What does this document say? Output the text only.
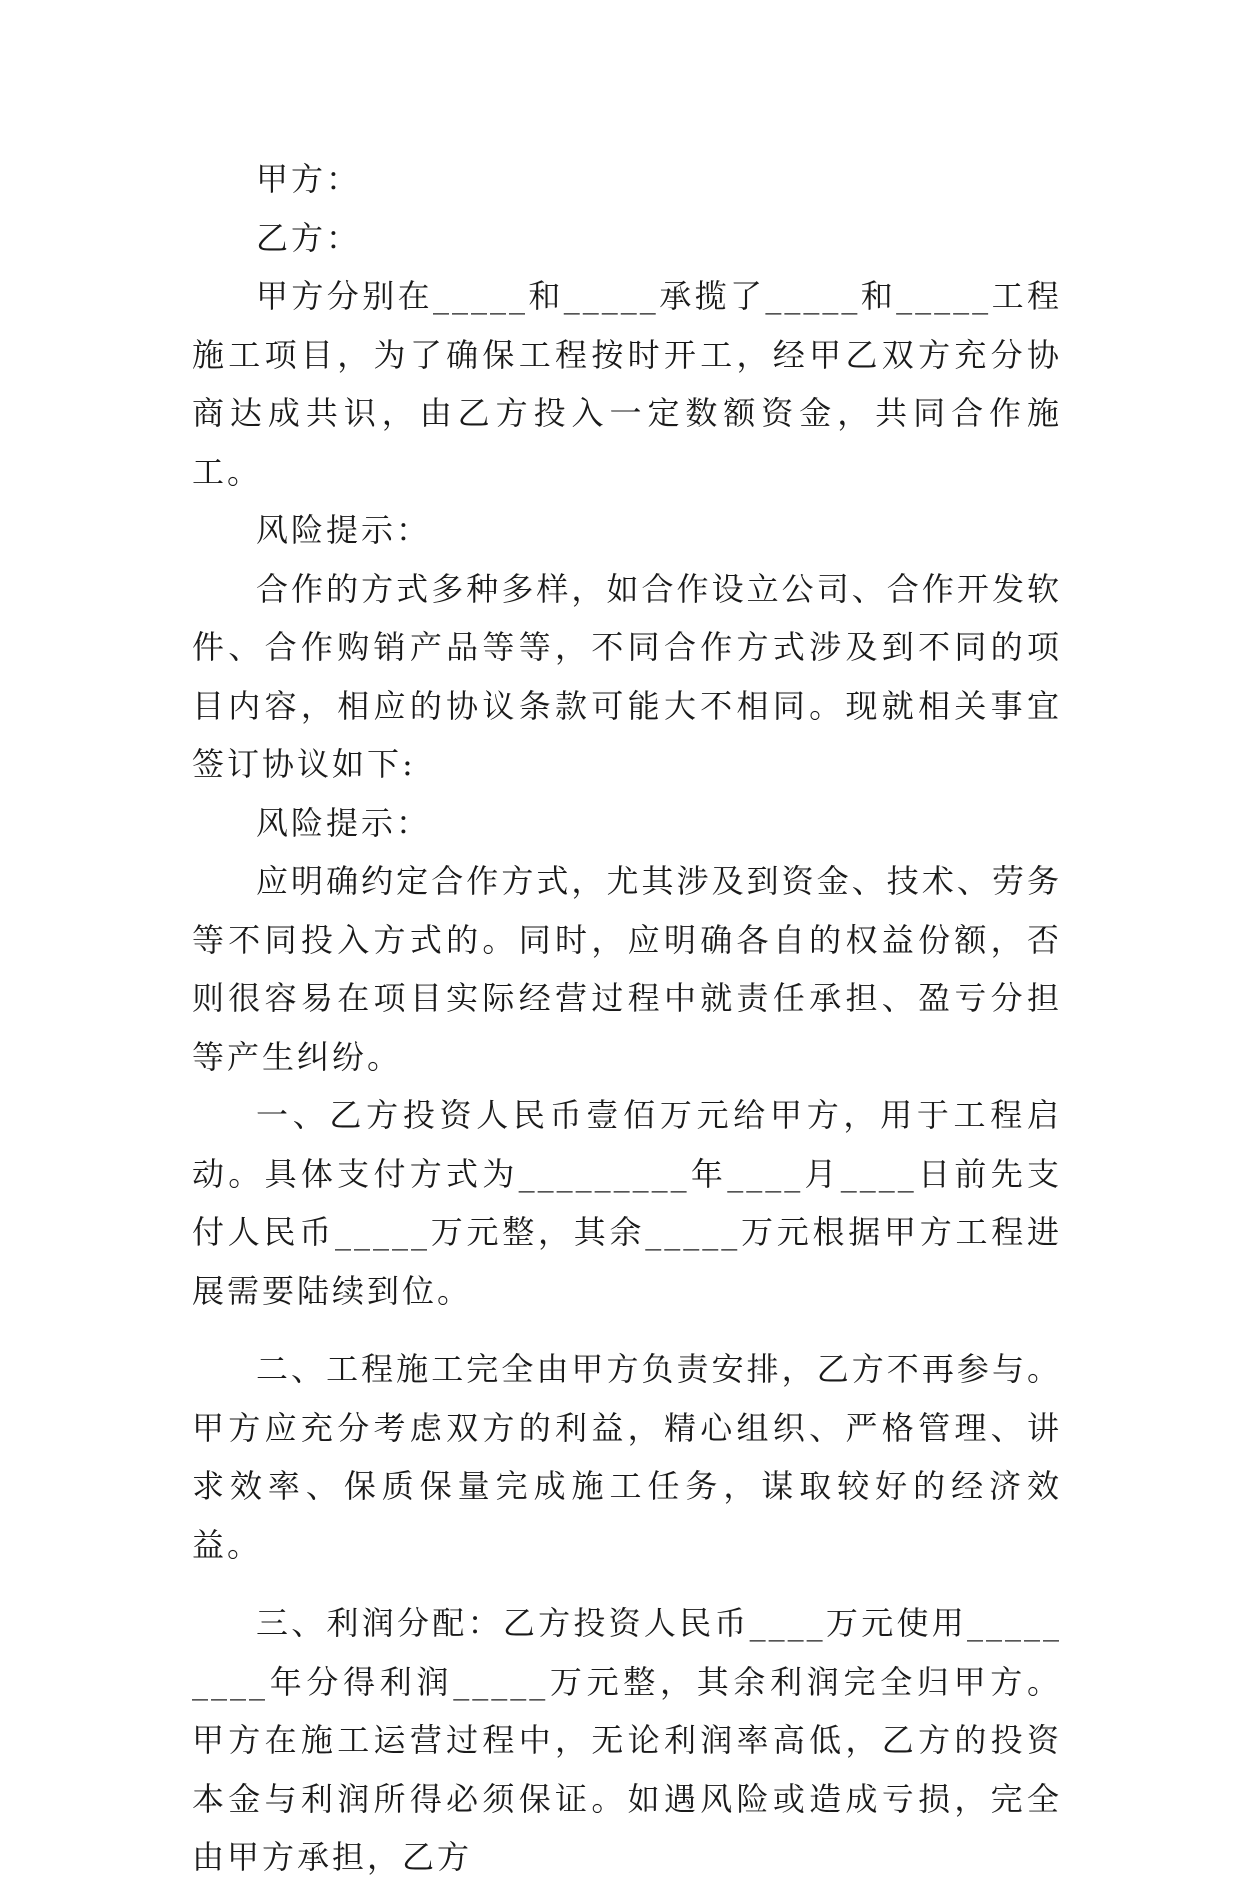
甲方：

乙方：

甲方分别在_____和_____承揽了_____和_____工程施工项目，为了确保工程按时开工，经甲乙双方充分协商达成共识，由乙方投入一定数额资金，共同合作施工。

风险提示：

合作的方式多种多样，如合作设立公司、合作开发软件、合作购销产品等等，不同合作方式涉及到不同的项目内容，相应的协议条款可能大不相同。现就相关事宜签订协议如下:

风险提示：

应明确约定合作方式，尤其涉及到资金、技术、劳务等不同投入方式的。同时，应明确各自的权益份额，否则很容易在项目实际经营过程中就责任承担、盈亏分担等产生纠纷。

一、乙方投资人民币壹佰万元给甲方，用于工程启动。具体支付方式为_________年____月____日前先支付人民币_____万元整，其余_____万元根据甲方工程进展需要陆续到位。

二、工程施工完全由甲方负责安排，乙方不再参与。甲方应充分考虑双方的利益，精心组织、严格管理、讲求效率、保质保量完成施工任务，谋取较好的经济效益。

三、利润分配：乙方投资人民币____万元使用_________年分得利润_____万元整，其余利润完全归甲方。甲方在施工运营过程中，无论利润率高低，乙方的投资本金与利润所得必须保证。如遇风险或造成亏损，完全由甲方承担，乙方
